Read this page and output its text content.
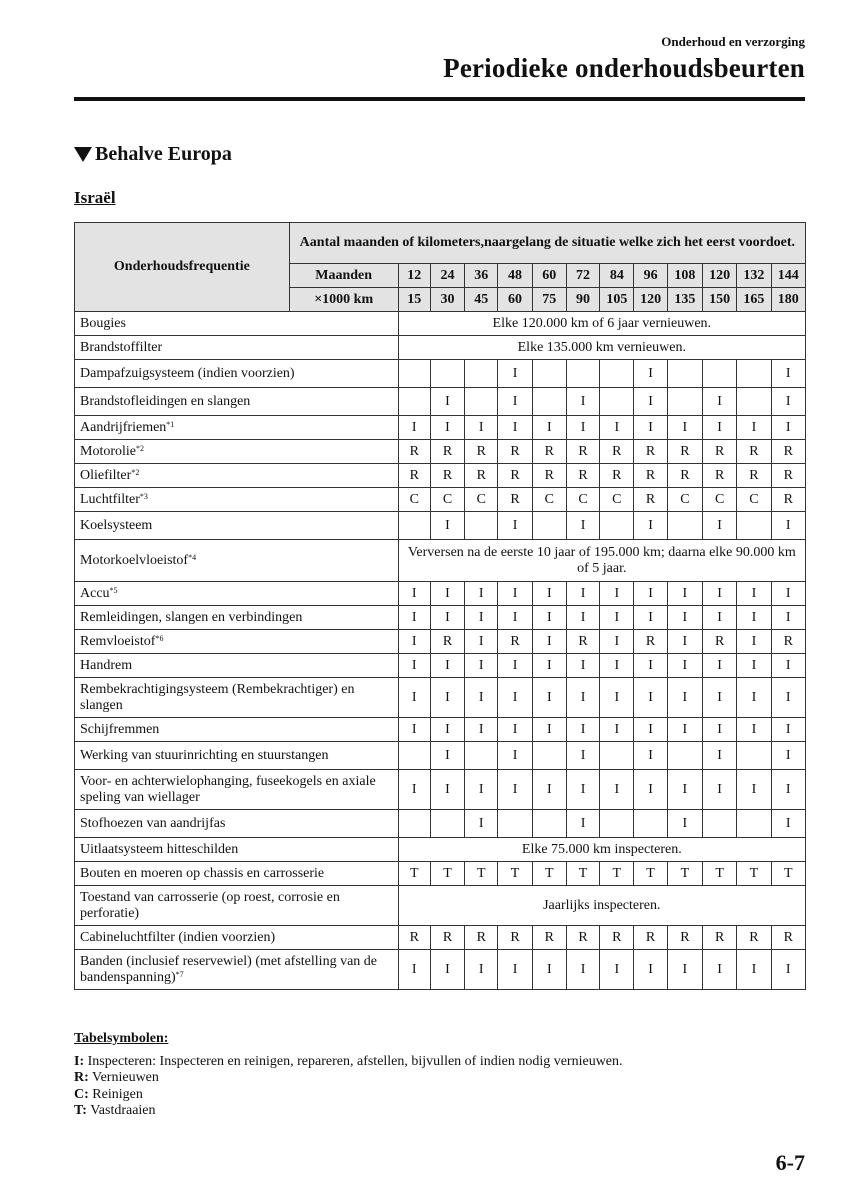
Onderhoud en verzorging
Periodieke onderhoudsbeurten
Behalve Europa
Israël
Onderhoudsfrequentie	Aantal maanden of kilometers,naargelang de situatie welke zich het eerst voordoet.												
	Maanden	12	24	36	48	60	72	84	96	108	120	132	144
	×1000 km	15	30	45	60	75	90	105	120	135	150	165	180
Bougies		Elke 120.000 km of 6 jaar vernieuwen.											
Brandstoffilter		Elke 135.000 km vernieuwen.											
Dampafzuigsysteem (indien voorzien)					I				I				I
Brandstofleidingen en slangen			I		I		I		I		I		I
Aandrijfriemen$^{*1}$		I	I	I	I	I	I	I	I	I	I	I	I
Motorolie$^{*2}$		R	R	R	R	R	R	R	R	R	R	R	R
Oliefilter$^{*2}$		R	R	R	R	R	R	R	R	R	R	R	R
Luchtfilter$^{*3}$		C	C	C	R	C	C	C	R	C	C	C	R
Koelsysteem			I		I		I		I		I		I
Motorkoelvloeistof$^{*4}$		Verversen na de eerste 10 jaar of 195.000 km; daarna elke 90.000 km of 5 jaar.											
Accu$^{*5}$		I	I	I	I	I	I	I	I	I	I	I	I
Remleidingen, slangen en verbindingen		I	I	I	I	I	I	I	I	I	I	I	I
Remvloeistof$^{*6}$		I	R	I	R	I	R	I	R	I	R	I	R
Handrem		I	I	I	I	I	I	I	I	I	I	I	I
Rembekrachtigingsysteem (Rembekrachtiger) en slangen		I	I	I	I	I	I	I	I	I	I	I	I
Schijfremmen		I	I	I	I	I	I	I	I	I	I	I	I
Werking van stuurinrichting en stuurstangen			I		I		I		I		I		I
Voor- en achterwielophanging, fuseekogels en axiale speling van wiellager		I	I	I	I	I	I	I	I	I	I	I	I
Stofhoezen van aandrijfas				I			I			I			I
Uitlaatsysteem hitteschilden		Elke 75.000 km inspecteren.											
Bouten en moeren op chassis en carrosserie		T	T	T	T	T	T	T	T	T	T	T	T
Toestand van carrosserie (op roest, corrosie en perforatie)		Jaarlijks inspecteren.											
Cabineluchtfilter (indien voorzien)		R	R	R	R	R	R	R	R	R	R	R	R
Banden (inclusief reservewiel) (met afstelling van de bandenspanning)$^{*7}$		I	I	I	I	I	I	I	I	I	I	I	I
Tabelsymbolen:
I: Inspecteren: Inspecteren en reinigen, repareren, afstellen, bijvullen of indien nodig vernieuwen.
R: Vernieuwen
C: Reinigen
T: Vastdraaien
6-7
